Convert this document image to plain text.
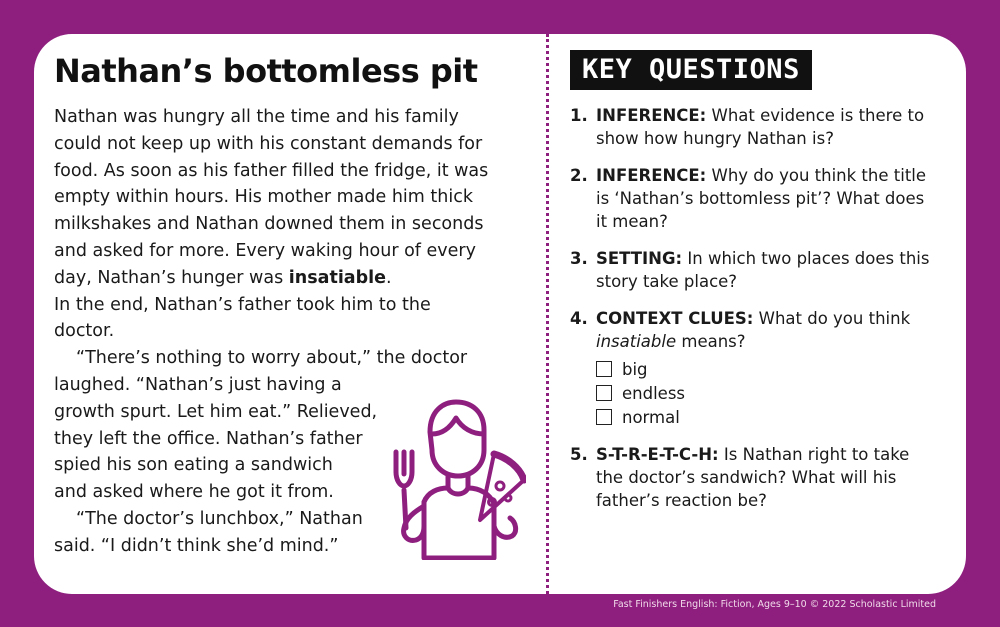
Nathan’s bottomless pit

Nathan was hungry all the time and his family
could not keep up with his constant demands for
food. As soon as his father filled the fridge, it was
empty within hours. His mother made him thick
milkshakes and Nathan downed them in seconds
and asked for more. Every waking hour of every
day, Nathan’s hunger was insatiable.

In the end, Nathan’s father took him to the
doctor.

“There’s nothing to worry about,” the doctor
laughed. “Nathan’s just having a
growth spurt. Let him eat.” Relieved,
they left the office. Nathan’s father
spied his son eating a sandwich
and asked where he got it from.

“The doctor’s lunchbox,” Nathan
said. “I didn’t think she’d mind.”

KEY QUESTIONS
1. INFERENCE: What evidence is there to
show how hungry Nathan is?
2. INFERENCE: Why do you think the title
is ‘Nathan’s bottomless pit’? What does
it mean?
3. SETTING: In which two places does this
story take place?
4. CONTEXT CLUES: What do you think
insatiable means?
big
endless
normal
5. S-T-R-E-T-C-H: Is Nathan right to take
the doctor’s sandwich? What will his
father’s reaction be?
Fast Finishers English: Fiction, Ages 9–10 © 2022 Scholastic Limited
